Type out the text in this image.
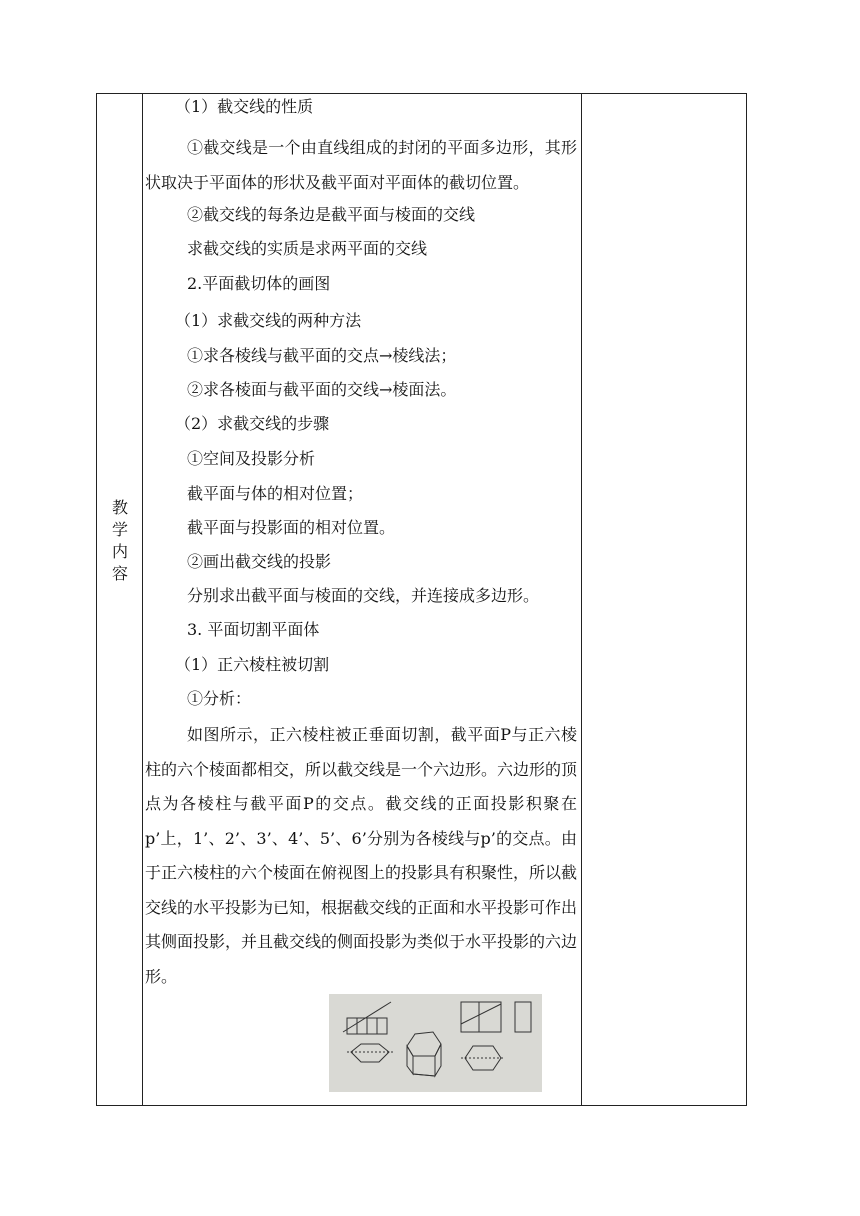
教
学
内
容

（1）截交线的性质

①截交线是一个由直线组成的封闭的平面多边形，其形状取决于平面体的形状及截平面对平面体的截切位置。

②截交线的每条边是截平面与棱面的交线

求截交线的实质是求两平面的交线

2.平面截切体的画图

（1）求截交线的两种方法

①求各棱线与截平面的交点→棱线法；

②求各棱面与截平面的交线→棱面法。

（2）求截交线的步骤

①空间及投影分析

截平面与体的相对位置；

截平面与投影面的相对位置。

②画出截交线的投影

分别求出截平面与棱面的交线，并连接成多边形。

3. 平面切割平面体

（1）正六棱柱被切割

①分析：

如图所示，正六棱柱被正垂面切割，截平面P与正六棱柱的六个棱面都相交，所以截交线是一个六边形。六边形的顶点为各棱柱与截平面P的交点。截交线的正面投影积聚在p’上，1’、2’、3’、4’、5’、6’分别为各棱线与p’的交点。由于正六棱柱的六个棱面在俯视图上的投影具有积聚性，所以截交线的水平投影为已知，根据截交线的正面和水平投影可作出其侧面投影，并且截交线的侧面投影为类似于水平投影的六边形。
